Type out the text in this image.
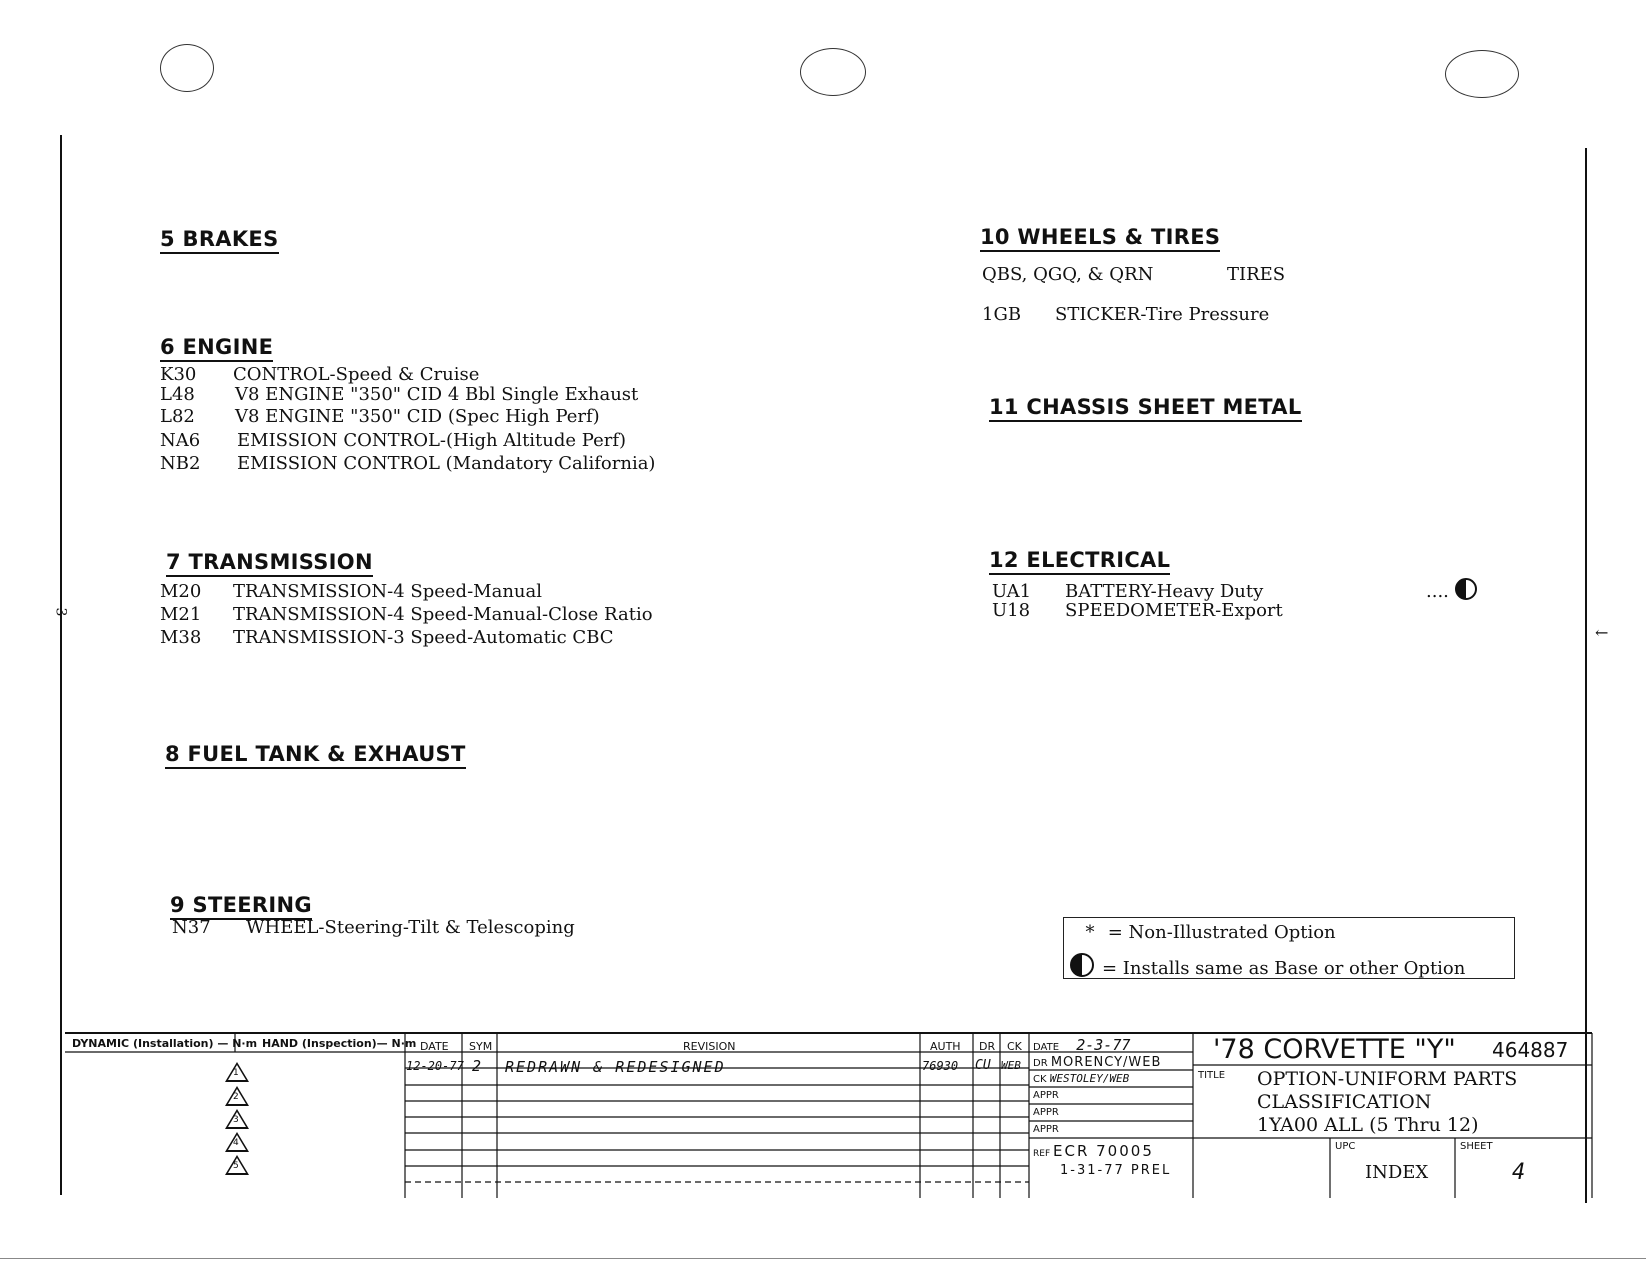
3
←
5 BRAKES
6 ENGINE
K30 CONTROL-Speed & Cruise
L48 V8 ENGINE "350" CID 4 Bbl Single Exhaust
L82 V8 ENGINE "350" CID (Spec High Perf)
NA6 EMISSION CONTROL-(High Altitude Perf)
NB2 EMISSION CONTROL (Mandatory California)
7 TRANSMISSION
M20 TRANSMISSION-4 Speed-Manual
M21 TRANSMISSION-4 Speed-Manual-Close Ratio
M38 TRANSMISSION-3 Speed-Automatic CBC
8 FUEL TANK & EXHAUST
9 STEERING
N37 WHEEL-Steering-Tilt & Telescoping
10 WHEELS & TIRES
QBS, QGQ, & QRN	TIRES
1GB STICKER-Tire Pressure
11 CHASSIS SHEET METAL
12 ELECTRICAL
UA1 BATTERY-Heavy Duty	....
U18 SPEEDOMETER-Export
* = Non-Illustrated Option
= Installs same as Base or other Option
DYNAMIC (Installation) — N·m HAND (Inspection)— N·m
1
2
3
4
5
DATE SYM	REVISION	AUTH DR CK
12-20-77 2 REDRAWN & REDESIGNED	76930 CU WEB
DATE 2-3-77
DR MORENCY/WEB
CK WESTOLEY/WEB
APPR
APPR
APPR
REF ECR 70005
1-31-77 PREL
'78 CORVETTE "Y" 464887
TITLE OPTION-UNIFORM PARTS
CLASSIFICATION
1YA00 ALL (5 Thru 12)
UPC
INDEX
SHEET
4
